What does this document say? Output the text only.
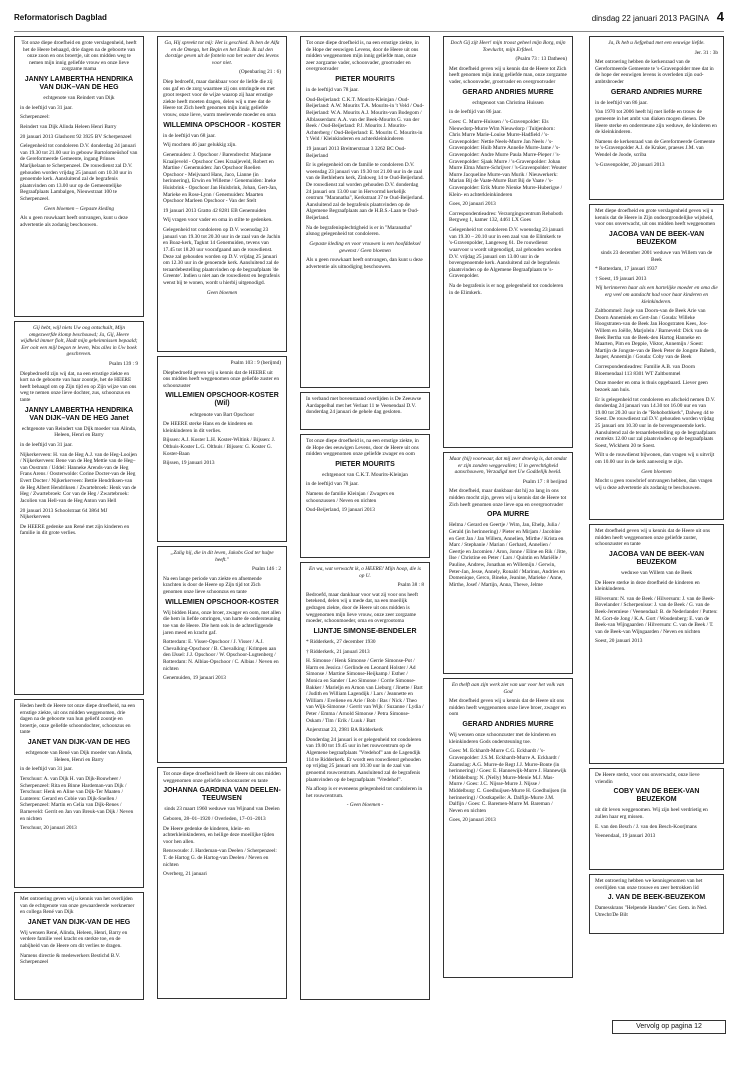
Reformatorisch Dagblad	dinsdag 22 januari 2013 PAGINA 4

Tot onze diepe droefheid en grote verslagenheid, heeft het de Heere behaagd, drie dagen na de geboorte van onze zoon en ons broertje, uit ons midden weg te nemen mijn innig geliefde vrouw en onze lieve zorgzame mama

JANNY LAMBERTHA HENDRIKA VAN DIJK–VAN DE HEG

echtgenote van Reindert van Dijk

in de leeftijd van 31 jaar.

Scherpenzeel:

Reindert van Dijk Alinda Heleen Henri Barry

20 januari 2013 Glashorst 92 3925 BV Scherpenzeel

Gelegenheid tot condoleren D.V. donderdag 24 januari van 19.30 tot 21.00 uur in gebouw Bartolomeüshof van de Gereformeerde Gemeente, ingang Prinses Marijkelaan te Scherpenzeel. De rouwdienst zal D.V. gehouden worden vrijdag 25 januari om 10.30 uur in genoemde kerk. Aansluitend zal de begrafenis plaatsvinden om 13.00 uur op de Gemeentelijke Begraafplaats Lambalgen, Nieuwstraat 100 te Scherpenzeel.

Geen bloemen – Gepaste kleding

Als u geen rouwkaart heeft ontvangen, kunt u deze advertentie als zodanig beschouwen.

Gij hebt, wijl niets Uw oog ontschuilt, Mijn omgezwerfde klomp beschouwd; Ja, Gij, Heere wijdheid immer fiolt, Hadt mijn geheimnissen bepaald; Eer ooit een mijl begon te leven, Was alles in Uw boek geschreven.

Psalm 139 : 9

Diepbedroefd zijn wij dat, na een ernstige ziekte en kort na de geboorte van haar zoontje, het de HEERE heeft behaagd om op Zijn tijd en op Zijn wijze van ons weg te nemen onze lieve dochter, zus, schoonzus en tante

JANNY LAMBERTHA HENDRIKA VAN DIJK–VAN DE HEG Janet

echtgenote van Reindert van Dijk moeder van Alinda, Heleen, Henri en Barry

in de leeftijd van 31 jaar.

Nijkerkerveen: H. van de Heg A.J. van de Heg-Looijen / Nijkerkerveen: Bene van de Heg Mettie van de Heg–van Oostrum / Uddel: Hanneke Arends-van de Heg Frans Arens / Oosterwolde: Corine Docter-van de Heg Evert Docter / Nijkerkerveen: Bettie Hendriksen-van de Heg Albert Hendriksen / Zwartebroek: Henk van de Heg / Zwartebroek: Cor van de Heg / Zwartebroek: Jacolien van Hell-van de Heg Anton van Hell

20 januari 2013 Schoolstraat 64 3864 MJ Nijkerkerveen

De HEERE gedenke aan René met zijn kinderen en familie in dit grote verlies.

Heden heeft de Heere tot onze diepe droefheid, na een ernstige ziekte, uit ons midden weggenomen, drie dagen na de geboorte van hun geliefd zoontje en broertje, onze geliefde schoondochter, schoonzus en tante

JANET VAN DIJK-VAN DE HEG

echtgenote van René van Dijk moeder van Alinda, Heleen, Henri en Barry

in de leeftijd van 31 jaar.

Terschuur: A. van Dijk H. van Dijk-Bouwheer / Scherpenzeel: Rita en Binne Hardeman-van Dijk / Terschuur: Henk en Aline van Dijk-Ter Maaten / Lunteren: Gerard en Cobie van Dijk-Snellen / Scherpenzeel: Martin en Celia van Dijk-Renes / Barneveld: Gerrit en Jan van Breuk-van Dijk / Neven en nichten

Terschuur, 20 januari 2013

Met ontroering geven wij u kennis van het overlijden van de echtgenote van onze gewaardeerde werknemer en collega René van Dijk

JANET VAN DIJK-VAN DE HEG

Wij wensen René, Alinda, Heleen, Henri, Barry en verdere familie veel kracht en sterkte toe, en de nabijheid van de Heere om dit verlies te dragen.

Namens directie & medewerkers Bestichd B.V. Scherpenzeel

Ga, Hij spreekt tot mij: Het is geschied. Ik ben de Alfa en de Omega, het Begin en het Einde. Ik zal den dorstige geven uit de fontein van het water des levens voor niet.

(Openbaring 21 : 6)

Diep bedroefd, maar dankbaar voor de liefde die zij ons gaf en de zorg waarmee zij ons omringde en met groot respect voor de wijze waarop zij haar ernstige ziekte heeft moeten dragen, delen wij u mee dat de Heere tot Zich heeft genomen mijn innig geliefde vrouw, onze lieve, warm meelevende moeder en oma

WILLEMINA OPSCHOOR - KOSTER

in de leeftijd van 68 jaar.

Wij mochten 46 jaar gelukkig zijn.

Genemuiden: J. Opschoor / Barendrecht: Marjanne Kraaijeveld - Opschoor Cees Kraaijeveld, Robert en Martine / Genemuiden: Jan Opschoor Roelien Opschoor - Meijvaard Hans, Jaco, Lianne (in herinnering), Erwin en Willeme / Genemuiden: Ineke Huisbrink - Opschoor Jan Huisbrink, Johan, Gert-Jan, Marieke en Rose-Lynn / Genemuiden: Maarten Opschoor Marleen Opschoor - Van der Stelt

19 januari 2013 Gratto 42 8281 EB Genemuiden

Wij vragen voor vader en oma in stilte te gedenken.

Gelegenheid tot condoleren op D.V. woensdag 23 januari van 19.30 tot 20.30 uur in de zaal van de Jachin en Boaz-kerk, Tagknt 14 Genemuiden, tevens van 17.45 tot 18.20 uur voorafgaand aan de rouwdienst. Deze zal gehouden worden op D.V. vrijdag 25 januari om 12.30 uur in de genoemde kerk. Aansluitend zal de teraardebestelling plaatsvinden op de begraafplaats 'de Greente'. Indien u niet aan de rouwdienst en begrafenis wenst bij te wonen, wordt u hierbij uitgenodigd.

Geen bloemen

Psalm 103 : 9 (berijmd)

Diepbedroefd geven wij u kennis dat de HEERE uit ons midden heeft weggenomen onze geliefde zuster en schoonzuster

WILLEMIEN OPSCHOOR-KOSTER (Wil)

echtgenote van Bart Opschoor

De HEERE sterke Hans en de kinderen en kleinkinderen in dit verlies.

Bijssen: A.J. Koster L.H. Koster-Wiltink / Bijssen: J. Olthuis-Koster L.G. Olthuis / Bijssen: G. Koster G. Koster-Baan

Bijssen, 19 januari 2013

„Zalig hij, die in dit leven, Jakobs God ter hulpe heeft."

Psalm 146 : 2

Na een lange periode van ziekte en afnemende krachten is door de Heere op Zijn tijd tot Zich genomen onze lieve schoonzus en tante

WILLEMIEN OPSCHOOR-KOSTER

Wij bidden Hans, onze broer, zwager en oom, met allen die hem in liefde omringen, van harte de ondersteuning toe van de Heere. Die hem ook in de achterliggende jaren meed en kracht gaf.

Rotterdam: E. Visser-Opschoor / J. Visser / A.J. Chevalking-Opschoor / B. Chevalking / Krimpen aan den IJssel: J.J. Opschoor / W. Opschoor-Lugtenberg / Rotterdam: N. Albias-Opschoor / C. Albias / Neven en nichten

Genemuiden, 19 januari 2013

Tot onze diepe droefheid heeft de Heere uit ons midden weggenomen onze geliefde schoonzuster en tante

JOHANNA GARDINA VAN DEELEN-TEEUWSEN

sinds 23 maart 1960 weduwe van Wijnand van Deelen

Geboren, 28–01–1920 / Overleden, 17–01–2013

De Heere gedenke de kinderen, klein- en achterkleinkinderen, en heilige deze moeilijke tijden voor hen allen.

Renswoude: J. Hardeman-van Deelen / Scherpenzeel: T. de Hartog G. de Hartog-van Deelen / Neven en nichten

Overberg, 21 januari

Tot onze diepe droefheid is, na een ernstige ziekte, in de Hope der eeuwigen Levens, door de Heere uit ons midden weggenomen mijn innig geliefde man, onze zeer zorgzame vader, schoonvader, grootvader en overgrootvader

PIETER MOURITS

in de leeftijd van 78 jaar.

Oud-Beijerland: C.K.T. Mourits-Kleinjan / Oud-Beijerland: A.W. Mourits T.A. Mourits-in 't Veld / Oud-Beijerland: W.A. Mourits A.J. Mourits-van Bodegom / Alblasserdam: A.A. van der Beek-Mourits G. van der Beek / Oud-Beijerland: P.J. Mourits J. Mourits-Achterberg / Oud-Beijerland: E. Mourits C. Mourits-in 't Veld / Kleinkinderen en achterkleinkinderen

19 januari 2013 Breitnerstraat 3 3262 BC Oud-Beijerland

Er is gelegenheid om de familie te condoleren D.V. woensdag 23 januari van 19.30 tot 21.00 uur in de zaal van de Bethlehem kerk, Zinkweg 14 te Oud-Beijerland. De rouwdienst zal worden gehouden D.V. donderdag 24 januari om 13.00 uur in Hervormd kerkelijk centrum "Maranatha", Kerkstraat 37 te Oud-Beijerland. Aansluitend zal de begrafenis plaatsvinden op de Algemene Begraafplaats aan de H.B.S.-Laan te Oud-Beijerland.

Na de begrafenisplechtigheid is er in "Maranatha" alsnog gelegenheid tot condoleren.

Gepaste kleding en voor vrouwen is een hoofddeksel gewenst / Geen bloemen

Als u geen rouwkaart heeft ontvangen, dan kunt u deze advertentie als uitnodiging beschouwen.

In verband met bovenstaand overlijden is De Zeeuwse Aardappelhal met het Verlaat 11 te Veenendaal D.V. donderdag 24 januari de gehele dag gesloten.

Tot onze diepe droefheid is, na een ernstige ziekte, in de Hope des eeuwigen Levens, door de Heere uit ons midden weggenomen onze geliefde zwager en oom

PIETER MOURITS

echtgenoot van C.K.T. Mourits-Kleinjan

in de leeftijd van 78 jaar.

Namens de familie Kleinjan / Zwagers en schoonzussen / Neven en nichten

Oud-Beijerland, 19 januari 2013

En wa, wat verwacht ik, o HEERE! Mijn hoop, die is op U.

Psalm 38 : 8

Bedroefd, maar dankbaar voor wat zij voor ons heeft betekend, delen wij u mede dat, na een moeilijk gedragen ziekte, door de Heere uit ons midden is weggenomen mijn lieve vrouw, onze zeer zorgzame moeder, schoonmoeder, oma en overgrootoma

LIJNTJE SIMONSE-BENDELER

* Ridderkerk, 27 december 1930

† Ridderkerk, 21 januari 2013

H. Simonse / Henk Simonse / Gerrie Simonse-Pot / Harm en Jessica / Gerlinde en Leonard Holster / Ad Simonse / Martine Simonse-Heijkamp / Esther / Monica en Sander / Leo Simonse / Corrie Simonse-Bakker / Marieljn en Arnon van Lieburg / Jinette / Bart / Judith en William Lagendijk / Lars / Jeannette en William / Eveliene en Arie / Bob / Bas / Nick / Theo van Wijk-Simonse / Gerrit van Wijk / Suzanne / Lydia / Peter / Emma / Arnold Simonse / Petra Simonse-Oskam / Tim / Erik / Luuk / Bart

Anjerstraat 23, 2981 BA Ridderkerk

Donderdag 24 januari is er gelegenheid tot condoleren van 19.00 tot 19.45 uur in het rouwcentrum op de Algemene begraafplaats "Vredehof" aan de Lagendijk 114 te Ridderkerk. Er wordt een rouwdienst gehouden op vrijdag 25 januari om 10.30 uur in de zaal van genoemd rouwcentrum. Aansluitend zal de begrafenis plaatsvinden op de begraafplaats "Vredehof".

Na afloop is er eveneens gelegenheid tot condoleren in het rouwcentrum.

- Geen bloemen -

Doch Gij zijt Heer! mijn troost geheel mijn Borg, mijn Toevlucht, mijn Erfdeel.

(Psalm 73 : 13 Datheen)

Met droefheid geven wij u kennis dat de Heere tot Zich heeft genomen mijn innig geliefde man, onze zorgzame vader, schoonvader, grootvader en overgrootvader

GERARD ANDRIES MURRE

echtgenoot van Christina Huissen

in de leeftijd van 86 jaar.

Goes: C. Murre-Huissen / 's-Gravenpolder: Els Nieuwdorp-Murre Wim Nieuwdorp / Tuitjenhorn: Chris Murre Marie-Louise Murre-Hadfield / 's-Gravenpolder: Nettie Neels-Murre Jan Neels / 's-Gravenpolder: Huib Murre Annelie Murre-Jame / 's-Gravenpolder: Andre Murre Paula Murre-Pieper / 's-Gravenpolder: Sjaak Murre / 's-Gravenpolder: Johan Murre Elma Murre-Schrijver / 's-Gravenpolder: Wouter Murre Jacqueline Murre-van Murik / Nieuwerkerk: Marian Bij de Vaate-Murre Bart Bij de Vaate / 's-Gravenpolder: Erik Murre Nienke Murre-Huberigse / Klein- en achterkleinkinderen

Goes, 20 januari 2013

Correspondentieadres: Verzorgingscentrum Rehoboth Bergweg 1, kamer 132, 4461 LX Goes

Gelegenheid tot condoleren D.V. woensdag 23 januari van 19.30 – 20.10 uur in een zaal van de Elimkerk te 's-Gravenpolder, Langeweg 61. De rouwdienst waarvoor u wordt uitgenodigd, zal gehouden worden D.V. vrijdag 25 januari om 13.00 uur in de bovengenoemde kerk. Aansluitend zal de begrafenis plaatsvinden op de Algemene Begraafplaats te 's-Gravenpolder.

Na de begrafenis is er nog gelegenheid tot condoleren in de Elimkerk.

Maar (hij) voorwaar, dat mij zeer droevig is, dat omdat er zijn zonden weggevallen; U in gerechtigheid aanschouwen, Verzadigd met Uw Goddelijk beeld.

Psalm 17 : 8 berijmd

Met droefheid, maar dankbaar dat hij zo lang in ons midden mocht zijn, geven wij u kennis dat de Heere tot Zich heeft genomen onze lieve opa en overgrootvader

OPA MURRE

Helma / Gerard en Geertje / Wim, Jan, Ehelp, Julia / Gerald (in herinnering) / Pieter en Mirjam / Jacobine en Gert Jan / Jan Willem, Annelien, Mirthe / Krista en Marc / Stephanie / Marian / Gerhard, Annelien / Geertje en Jacomien / Aron, Jonne / Eline en Rik / Jitte, Ilse / Christine en Peter / Lars / Quintin en Mariëlle / Pauline, Andrew, Jonathan en Willemijn / Gerwin, Peter-Jan, Jesse, Annely, Ronald / Marinus, Andries en Domenique, Gerco, Bineke, Jeanine, Marieke / Anne, Mirthe, Josef / Martijn, Anna, Thewe, Jelme

En thelft aan zijn werk ziet van uur voor het volk van God

Met droefheid geven wij u kennis dat de Heere uit ons midden heeft weggenomen onze lieve broer, zwager en oom

GERARD ANDRIES MURRE

Wij wensen onze schoonzuster met de kinderen en kleinkinderen Gods ondersteuning toe.

Goes: M. Eckhardt-Murre C.G. Eckhardt / 's-Gravenpolder: J.S.M. Eckhardt-Murre A. Eckhardt / Zaamslag: A.G. Murre-de Regt J.J. Murre-Bonte (in herinnering) / Goes: E. Hannewijk-Murre J. Hannewijk / Middelburg: N. (Nelly) Murre-Menie M.J. Mas-Murre / Goes: J.C. Nijsse-Murre J. Nijsse / Middelburg: C. Goedhuijsen-Murre H. Goedhuijsen (in herinnering) / Oostkapelle: A. Dalfijn-Murre J.M. Dalfijn / Goes: C. Baremen-Murre M. Bareman / Neven en nichten

Goes, 20 januari 2013

Ja, Ik heb u liefgehad met een eeuwige liefde.

Jer. 31 : 3b

Met ontroering hebben de kerkenraad van de Gereformeerde Gemeente te 's-Gravenpolder mee dat in de hope der eeuwigen levens is overleden zijn oud-ambtsbroeder

GERARD ANDRIES MURRE

in de leeftijd van 86 jaar.

Van 1970 tot 2006 heeft hij met liefde en trouw de gemeente in het ambt van diaken mogen dienen. De Heere sterke en ondersteune zijn weduwe, de kinderen en de kleinkinderen.

Namens de kerkenraad van de Gereformeerde Gemeente te 's-Gravenpolder A.J. de Kraker, praeses J.M. van Wendel de Joode, scriba

's-Gravenpolder, 20 januari 2013

Met diepe droefheid en grote verslagenheid geven wij u kennis dat de Heere in Zijn ondoorgrondelijke wijsheid, voor ons onverwacht, uit ons midden heeft weggenomen

JACOBA VAN DE BEEK-VAN BEUZEKOM

sinds 23 december 2001 weduwe van Willem van de Beek

* Rotterdam, 17 januari 1937

† Soest, 19 januari 2013

Wij herinneren haar als een hartelijke moeder en oma die erg veel om aandacht had voor haar kinderen en kleinkinderen.

Zaltbommel: Josje van Doorn-van de Beek Arie van Doorn Annemiek en Gert-Jan / Gouda: Willeke Hoogstraten-van de Beek Jan Hoogstraten Kees, Jos-Willem en Joëlle, Marjolein / Barneveld: Dick van de Beek Bertha van de Beek-den Hartog Hanneke en Maarten, Pim en Deppie, Viktor, Annemijn / Soest: Martijn de Jongste-van de Beek Peter de Jongste Babeth, Jasper, Annemijn / Gouda: Coby van de Beek

Correspondentieadres: Familie A.B. van Doorn Bloemendaal 113 8301 WT Zaltbommel

Onze moeder en oma is thuis opgebaard. Liever geen bezoek aan huis.

Er is gelegenheid tot condoleren en afscheid nemen D.V. donderdag 24 januari van 14.30 tot 16.00 uur en van 19.00 tot 20.30 uur in de "Rehobothkerk", Dalweg 44 te Soest. De rouwdienst zal D.V. gehouden worden vrijdag 25 januari om 10.30 uur in de bovengenoemde kerk. Aansluitend zal de teraardebestelling op de begraafplaats rentrekts 12.00 uur zal plaatsvinden op de begraafplaats Soest, Wickhem 20 te Soest.

Wilt u de rouwdienst bijwonen, dan vragen wij u uitvrijt om 10.00 uur in de kerk aanwezig te zijn.

Geen bloemen

Mocht u geen rouwbrief ontvangen hebben, dan vragen wij u deze advertentie als zodanig te beschouwen.

Met droefheid geven wij u kennis dat de Heere uit ons midden heeft weggenomen onze geliefde zuster, schoonzuster en tante

JACOBA VAN DE BEEK-VAN BEUZEKOM

weduwe van Willem van de Beek

De Heere sterke in deze droefheid de kinderen en kleinkinderen.

Hilversum: N. van de Beek / Hilversum: J. van de Beek-Bovelander / Scherpenisse: J. van de Beek / G. van de Beek-Jeremiese / Veenendaal: B. de Nederlander / Putten: M. Gort-de Jong / K.A. Gort / Woudenberg: E. van de Beek-van Wijngaarden / Hilversum: C. van de Beek / T. van de Beek-van Wijngaarden / Neven en nichten

Soest, 20 januari 2013

De Heere sterkt, voor ons onverwacht, onze lieve vriendin

COBY VAN DE BEEK-VAN BEUZEKOM

uit dit leven weggenomen. Wij zijn heel verdrietig en zullen haar erg missen.

E. van den Besch / J. van den Besch-Koorjmans

Veenendaal, 19 januari 2013

Met ontroering hebben we kennisgenomen van het overlijden van onze trouwe en zeer betrokken lid

J. VAN DE BEEK-BEUZEKOM

Damesskrans "Helpende Handen" Ger. Gem. in Ned. Utrecht/De Bilt

Vervolg op pagina 12
